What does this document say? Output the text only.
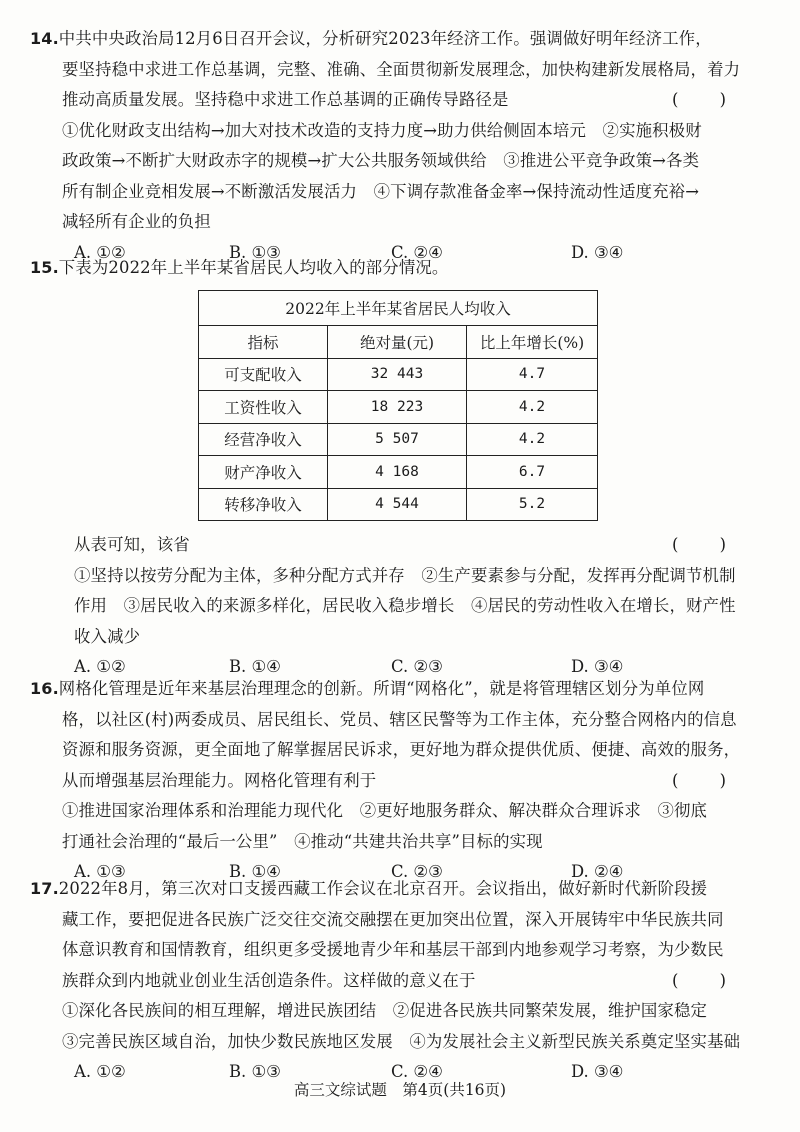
14.中共中央政治局12月6日召开会议，分析研究2023年经济工作。强调做好明年经济工作，
要坚持稳中求进工作总基调，完整、准确、全面贯彻新发展理念，加快构建新发展格局，着力
推动高质量发展。坚持稳中求进工作总基调的正确传导路径是	( )
①优化财政支出结构→加大对技术改造的支持力度→助力供给侧固本培元　②实施积极财
政政策→不断扩大财政赤字的规模→扩大公共服务领域供给　③推进公平竞争政策→各类
所有制企业竞相发展→不断激活发展活力　④下调存款准备金率→保持流动性适度充裕→
减轻所有企业的负担
A. ①②	B. ①③	C. ②④	D. ③④
15.下表为2022年上半年某省居民人均收入的部分情况。
2022年上半年某省居民人均收入		
指标	绝对量(元)	比上年增长(%)
可支配收入	32 443	4.7
工资性收入	18 223	4.2
经营净收入	5 507	4.2
财产净收入	4 168	6.7
转移净收入	4 544	5.2
从表可知，该省	( )
①坚持以按劳分配为主体，多种分配方式并存　②生产要素参与分配，发挥再分配调节机制
作用　③居民收入的来源多样化，居民收入稳步增长　④居民的劳动性收入在增长，财产性
收入减少
A. ①②	B. ①④	C. ②③	D. ③④
16.网格化管理是近年来基层治理理念的创新。所谓“网格化”，就是将管理辖区划分为单位网
格，以社区(村)两委成员、居民组长、党员、辖区民警等为工作主体，充分整合网格内的信息
资源和服务资源，更全面地了解掌握居民诉求，更好地为群众提供优质、便捷、高效的服务，
从而增强基层治理能力。网格化管理有利于	( )
①推进国家治理体系和治理能力现代化　②更好地服务群众、解决群众合理诉求　③彻底
打通社会治理的“最后一公里”　④推动“共建共治共享”目标的实现
A. ①③	B. ①④	C. ②③	D. ②④
17.2022年8月，第三次对口支援西藏工作会议在北京召开。会议指出，做好新时代新阶段援
藏工作，要把促进各民族广泛交往交流交融摆在更加突出位置，深入开展铸牢中华民族共同
体意识教育和国情教育，组织更多受援地青少年和基层干部到内地参观学习考察，为少数民
族群众到内地就业创业生活创造条件。这样做的意义在于	( )
①深化各民族间的相互理解，增进民族团结　②促进各民族共同繁荣发展，维护国家稳定
③完善民族区域自治，加快少数民族地区发展　④为发展社会主义新型民族关系奠定坚实基础
A. ①②	B. ①③	C. ②④	D. ③④
高三文综试题　第4页(共16页)
